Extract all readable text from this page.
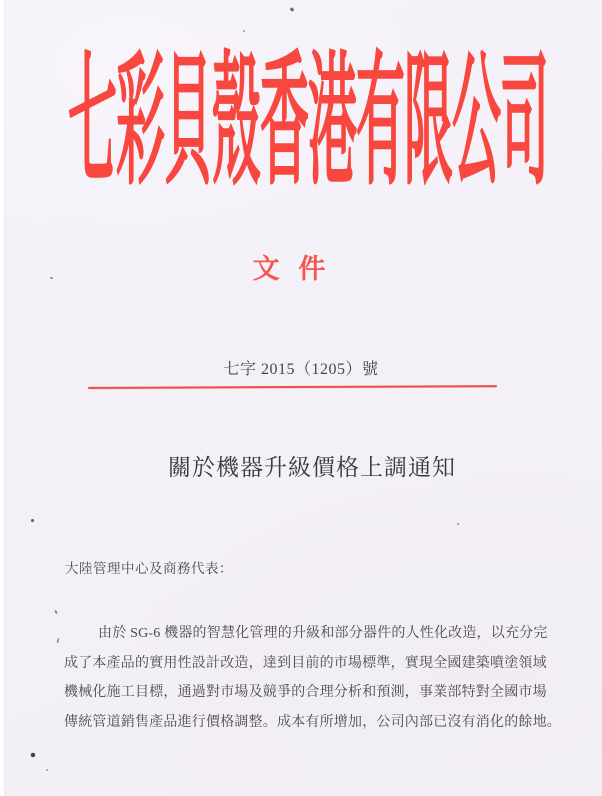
七彩貝殼香港有限公司
文 件
七字 2015（1205）號
關於機器升級價格上調通知
大陸管理中心及商務代表：
由於 SG-6 機器的智慧化管理的升級和部分器件的人性化改造，以充分完
成了本產品的實用性設計改造，達到目前的市場標準，實現全國建築噴塗領域
機械化施工目標，通過對市場及競爭的合理分析和預測，事業部特對全國市場
傳統管道銷售產品進行價格調整。成本有所增加，公司內部已沒有消化的餘地。
